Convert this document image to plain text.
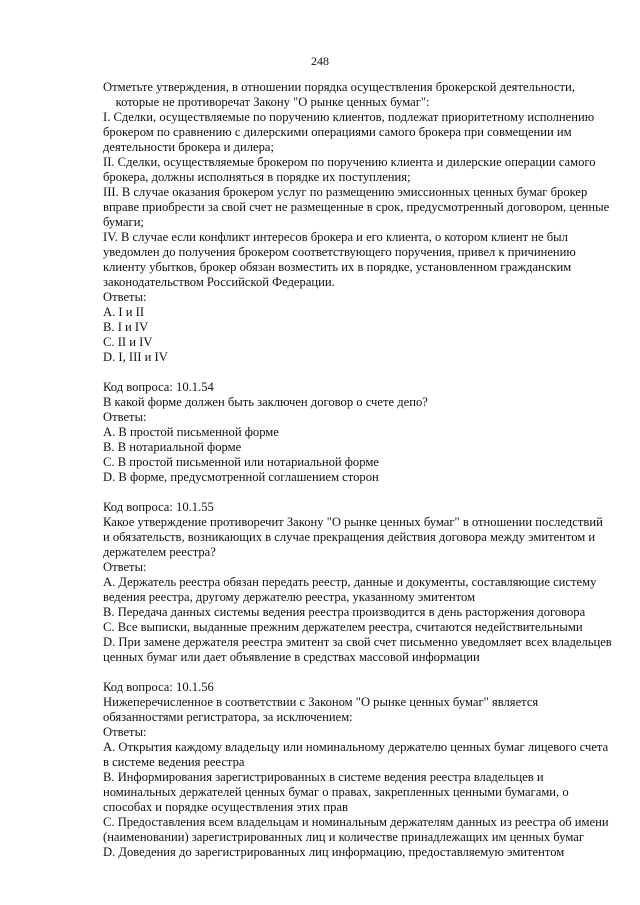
248
Отметьте утверждения, в отношении порядка осуществления брокерской деятельности,
которые не противоречат Закону "О рынке ценных бумаг":
I. Сделки, осуществляемые по поручению клиентов, подлежат приоритетному исполнению
брокером по сравнению с дилерскими операциями самого брокера при совмещении им
деятельности брокера и дилера;
II. Сделки, осуществляемые брокером по поручению клиента и дилерские операции самого
брокера, должны исполняться в порядке их поступления;
III. В случае оказания брокером услуг по размещению эмиссионных ценных бумаг брокер
вправе приобрести за свой счет не размещенные в срок, предусмотренный договором, ценные
бумаги;
IV. В случае если конфликт интересов брокера и его клиента, о котором клиент не был
уведомлен до получения брокером соответствующего поручения, привел к причинению
клиенту убытков, брокер обязан возместить их в порядке, установленном гражданским
законодательством Российской Федерации.
Ответы:
A. I и II
B. I и IV
C. II и IV
D. I, III и IV
Код вопроса: 10.1.54
В какой форме должен быть заключен договор о счете депо?
Ответы:
A. В простой письменной форме
B. В нотариальной форме
C. В простой письменной или нотариальной форме
D. В форме, предусмотренной соглашением сторон
Код вопроса: 10.1.55
Какое утверждение противоречит Закону "О рынке ценных бумаг" в отношении последствий
и обязательств, возникающих в случае прекращения действия договора между эмитентом и
держателем реестра?
Ответы:
A. Держатель реестра обязан передать реестр, данные и документы, составляющие систему
ведения реестра, другому держателю реестра, указанному эмитентом
B. Передача данных системы ведения реестра производится в день расторжения договора
C. Все выписки, выданные прежним держателем реестра, считаются недействительными
D. При замене держателя реестра эмитент за свой счет письменно уведомляет всех владельцев
ценных бумаг или дает объявление в средствах массовой информации
Код вопроса: 10.1.56
Нижеперечисленное в соответствии с Законом "О рынке ценных бумаг" является
обязанностями регистратора, за исключением:
Ответы:
A. Открытия каждому владельцу или номинальному держателю ценных бумаг лицевого счета
в системе ведения реестра
B. Информирования зарегистрированных в системе ведения реестра владельцев и
номинальных держателей ценных бумаг о правах, закрепленных ценными бумагами, о
способах и порядке осуществления этих прав
C. Предоставления всем владельцам и номинальным держателям данных из реестра об имени
(наименовании) зарегистрированных лиц и количестве принадлежащих им ценных бумаг
D. Доведения до зарегистрированных лиц информацию, предоставляемую эмитентом
